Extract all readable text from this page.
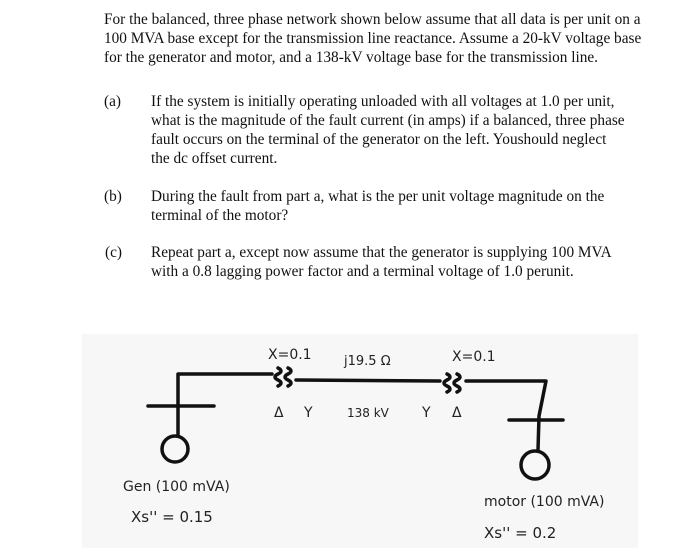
For the balanced, three phase network shown below assume that all data is per unit on a
100 MVA base except for the transmission line reactance. Assume a 20-kV voltage base
for the generator and motor, and a 138-kV voltage base for the transmission line.
(a) If the system is initially operating unloaded with all voltages at 1.0 per unit,
what is the magnitude of the fault current (in amps) if a balanced, three phase
fault occurs on the terminal of the generator on the left. Youshould neglect
the dc offset current.
(b) During the fault from part a, what is the per unit voltage magnitude on the
terminal of the motor?
(c) Repeat part a, except now assume that the generator is supplying 100 MVA
with a 0.8 lagging power factor and a terminal voltage of 1.0 perunit.
X=0.1
Δ Y
j19.5 Ω
138 kV
X=0.1
Y Δ
Gen (100 mVA)
Xs'' = 0.15
motor (100 mVA)
Xs'' = 0.2
